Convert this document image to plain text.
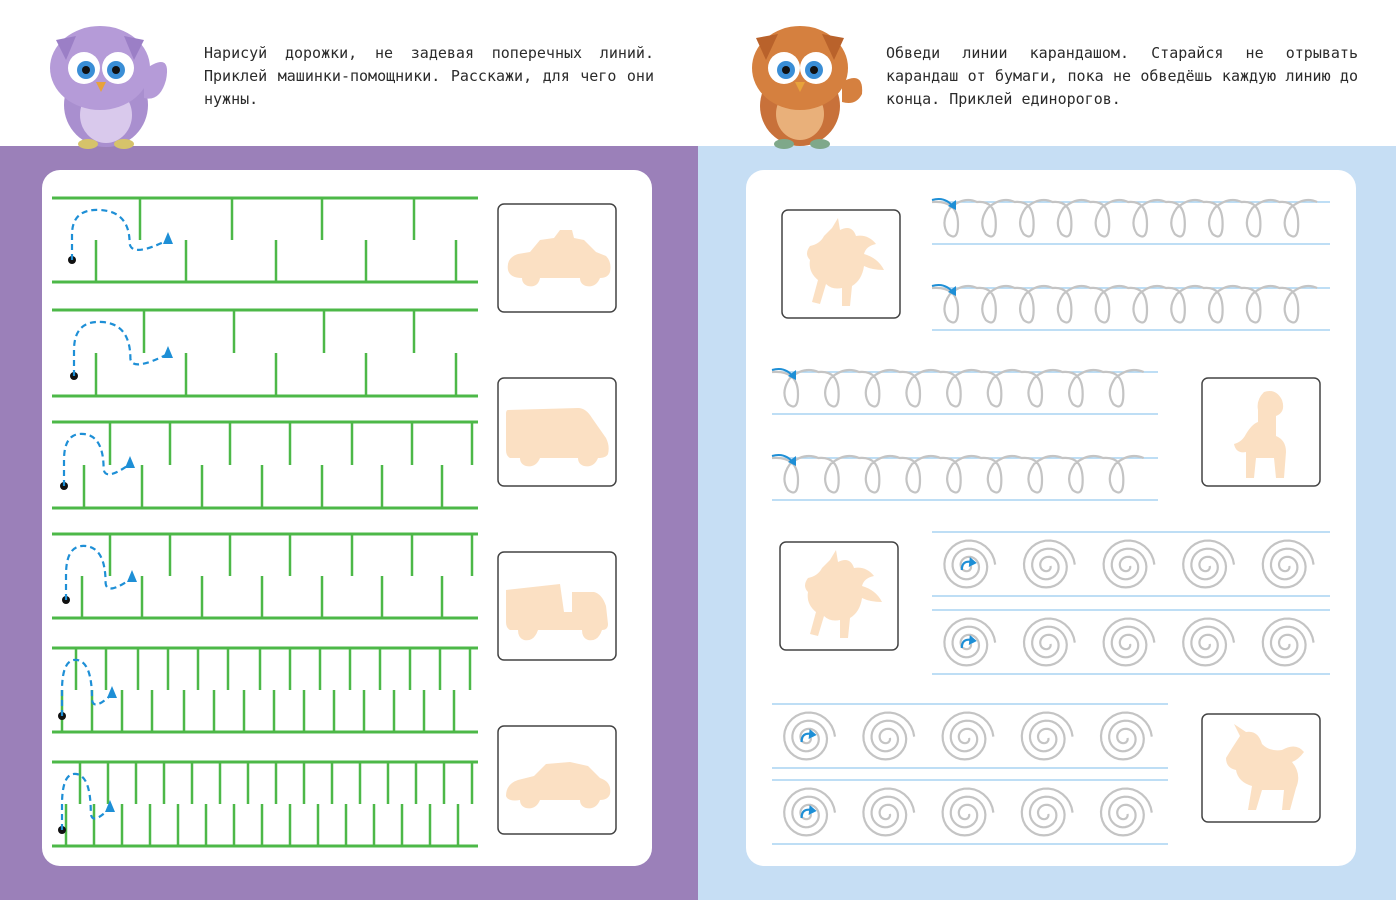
Нарисуй дорожки, не задевая поперечных линий. Приклей машинки-помощники. Расскажи, для чего они нужны.
Обведи линии карандашом. Старайся не отрывать карандаш от бумаги, пока не обведёшь каждую линию до конца. Приклей единорогов.
